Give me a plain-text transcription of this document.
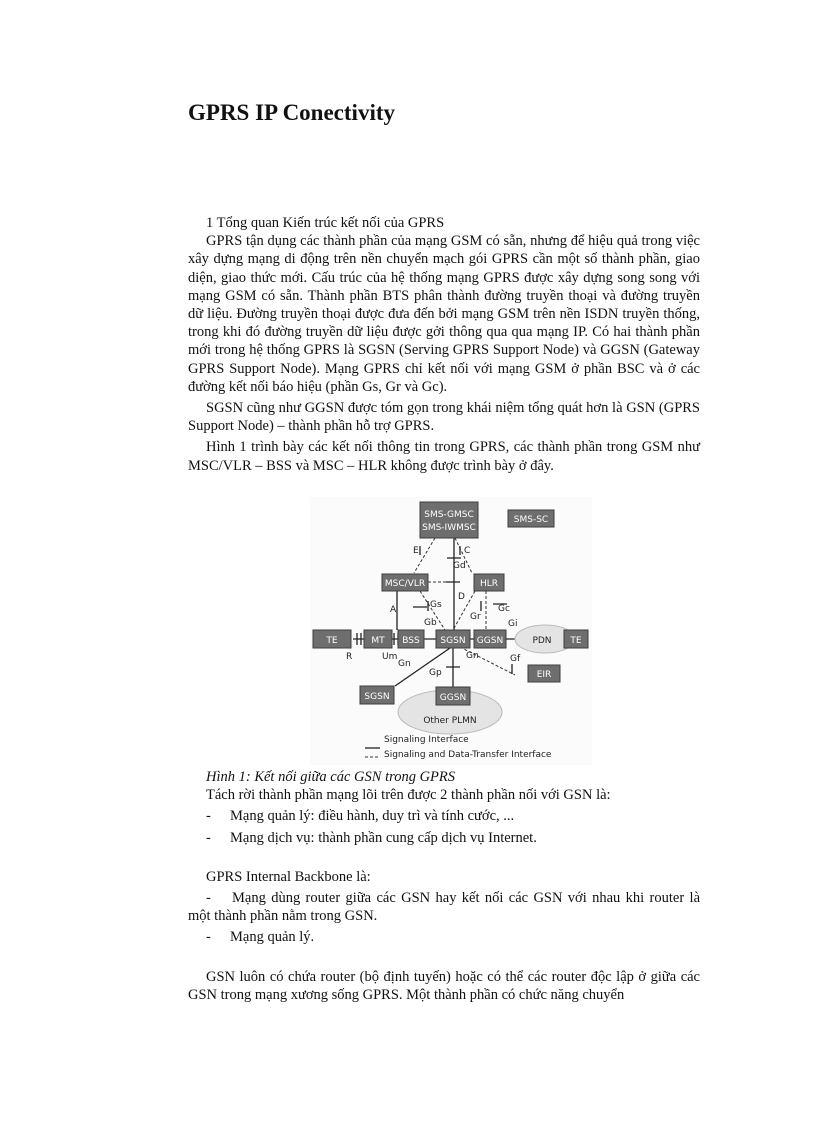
GPRS IP Conectivity

1 Tổng quan Kiến trúc kết nối của GPRS

GPRS tận dụng các thành phần của mạng GSM có sẵn, nhưng để hiệu quả trong việc xây dựng mạng di động trên nền chuyển mạch gói GPRS cần một số thành phần, giao diện, giao thức mới. Cấu trúc của hệ thống mạng GPRS được xây dựng song song với mạng GSM có sẵn. Thành phần BTS phân thành đường truyền thoại và đường truyền dữ liệu. Đường truyền thoại được đưa đến bởi mạng GSM trên nền ISDN truyền thống, trong khi đó đường truyền dữ liệu được gởi thông qua qua mạng IP. Có hai thành phần mới trong hệ thống GPRS là SGSN (Serving GPRS Support Node) và GGSN (Gateway GPRS Support Node). Mạng GPRS chỉ kết nối với mạng GSM ở phần BSC và ở các đường kết nối báo hiệu (phần Gs, Gr và Gc).

SGSN cũng như GGSN được tóm gọn trong khái niệm tổng quát hơn là GSN (GPRS Support Node) – thành phần hỗ trợ GPRS.

Hình 1 trình bày các kết nối thông tin trong GPRS, các thành phần trong GSM như MSC/VLR – BSS và MSC – HLR không được trình bày ở đây.

SMS-GMSC
SMS-IWMSC
SMS-SC
MSC/VLR	HLR
TE	MT BSS SGSN GGSN	PDN TE
EIR
SGSN	GGSN
Other PLMN
E	C
Gd
Gs
D
A
Gb
Gr
Gc
Gi
R	Um
Gn
Gn	Gf
Gp
Signaling Interface
Signaling and Data-Transfer Interface

Hình 1: Kết nối giữa các GSN trong GPRS

Tách rời thành phần mạng lõi trên được 2 thành phần nối với GSN là:

-	Mạng quản lý: điều hành, duy trì và tính cước, ...

-	Mạng dịch vụ: thành phần cung cấp dịch vụ Internet.

GPRS Internal Backbone là:

- Mạng dùng router giữa các GSN hay kết nối các GSN với nhau khi router là một thành phần nằm trong GSN.

-	Mạng quản lý.

GSN luôn có chứa router (bộ định tuyến) hoặc có thể các router độc lập ở giữa các GSN trong mạng xương sống GPRS. Một thành phần có chức năng chuyển
